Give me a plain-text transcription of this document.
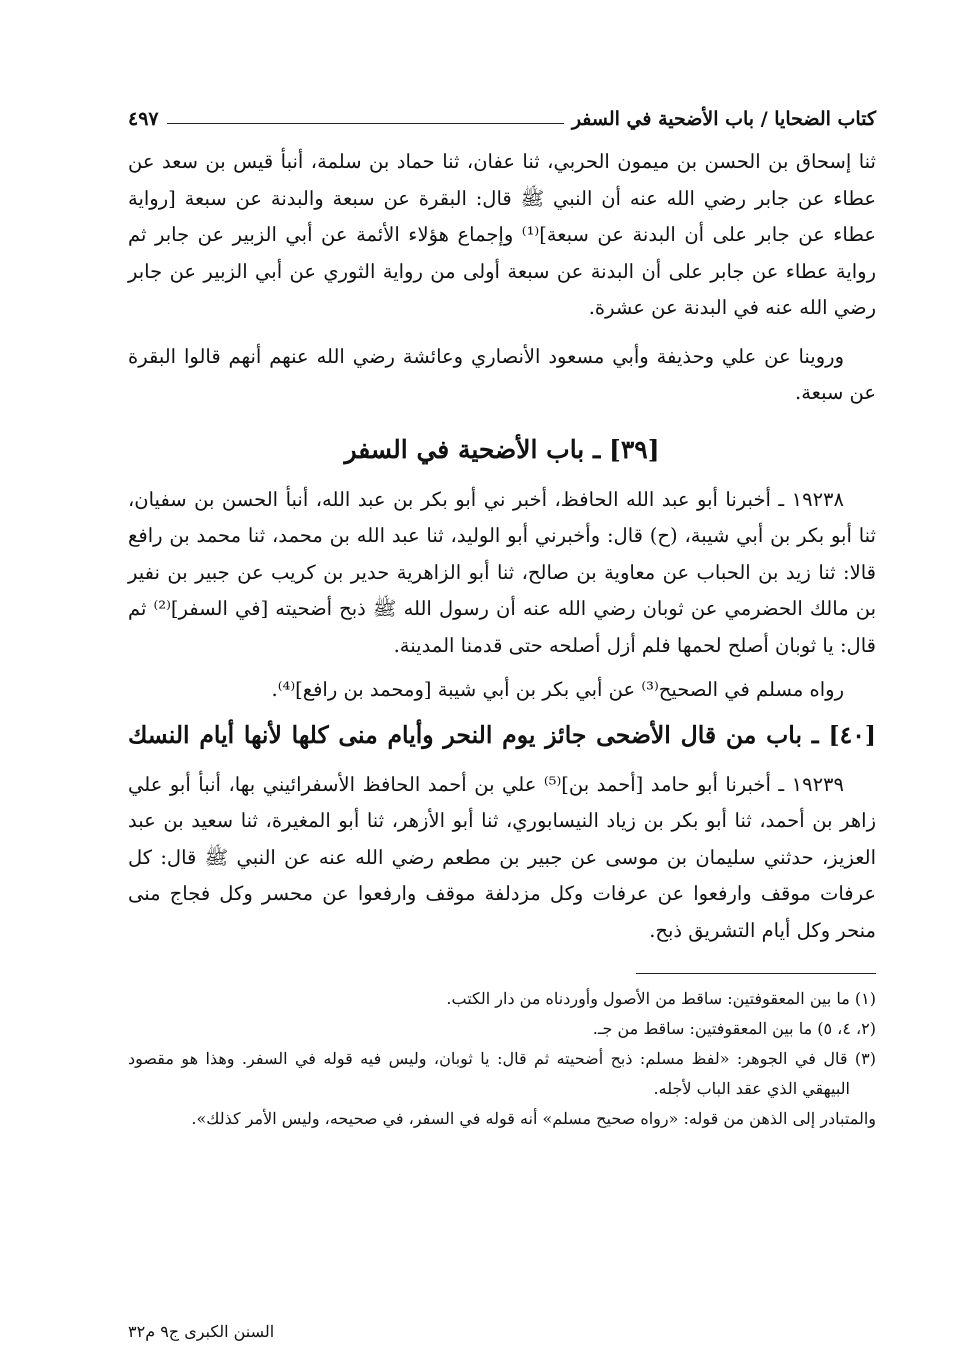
كتاب الضحايا / باب الأضحية في السفر
٤٩٧

ثنا إسحاق بن الحسن بن ميمون الحربي، ثنا عفان، ثنا حماد بن سلمة، أنبأ قيس بن سعد عن عطاء عن جابر رضي الله عنه أن النبي ﷺ قال: البقرة عن سبعة والبدنة عن سبعة [رواية عطاء عن جابر على أن البدنة عن سبعة]⁽¹⁾ وإجماع هؤلاء الأئمة عن أبي الزبير عن جابر ثم رواية عطاء عن جابر على أن البدنة عن سبعة أولى من رواية الثوري عن أبي الزبير عن جابر رضي الله عنه في البدنة عن عشرة.

وروينا عن علي وحذيفة وأبي مسعود الأنصاري وعائشة رضي الله عنهم أنهم قالوا البقرة عن سبعة.

[٣٩] ـ باب الأضحية في السفر

١٩٢٣٨ ـ أخبرنا أبو عبد الله الحافظ، أخبر ني أبو بكر بن عبد الله، أنبأ الحسن بن سفيان، ثنا أبو بكر بن أبي شيبة، (ح) قال: وأخبرني أبو الوليد، ثنا عبد الله بن محمد، ثنا محمد بن رافع قالا: ثنا زيد بن الحباب عن معاوية بن صالح، ثنا أبو الزاهرية حدير بن كريب عن جبير بن نفير بن مالك الحضرمي عن ثوبان رضي الله عنه أن رسول الله ﷺ ذبح أضحيته [في السفر]⁽²⁾ ثم قال: يا ثوبان أصلح لحمها فلم أزل أصلحه حتى قدمنا المدينة.

رواه مسلم في الصحيح⁽³⁾ عن أبي بكر بن أبي شيبة [ومحمد بن رافع]⁽⁴⁾.

[٤٠] ـ باب من قال الأضحى جائز يوم النحر وأيام منى كلها لأنها أيام النسك

١٩٢٣٩ ـ أخبرنا أبو حامد [أحمد بن]⁽⁵⁾ علي بن أحمد الحافظ الأسفرائيني بها، أنبأ أبو علي زاهر بن أحمد، ثنا أبو بكر بن زياد النيسابوري، ثنا أبو الأزهر، ثنا أبو المغيرة، ثنا سعيد بن عبد العزيز، حدثني سليمان بن موسى عن جبير بن مطعم رضي الله عنه عن النبي ﷺ قال: كل عرفات موقف وارفعوا عن عرفات وكل مزدلفة موقف وارفعوا عن محسر وكل فجاج منى منحر وكل أيام التشريق ذبح.

(١) ما بين المعقوفتين: ساقط من الأصول وأوردناه من دار الكتب.

(٢، ٤، ٥) ما بين المعقوفتين: ساقط من جـ.

(٣) قال في الجوهر: «لفظ مسلم: ذبح أضحيته ثم قال: يا ثوبان، وليس فيه قوله في السفر. وهذا هو مقصود البيهقي الذي عقد الباب لأجله.

والمتبادر إلى الذهن من قوله: «رواه صحيح مسلم» أنه قوله في السفر، في صحيحه، وليس الأمر كذلك».

السنن الكبرى ج٩ م٣٢
